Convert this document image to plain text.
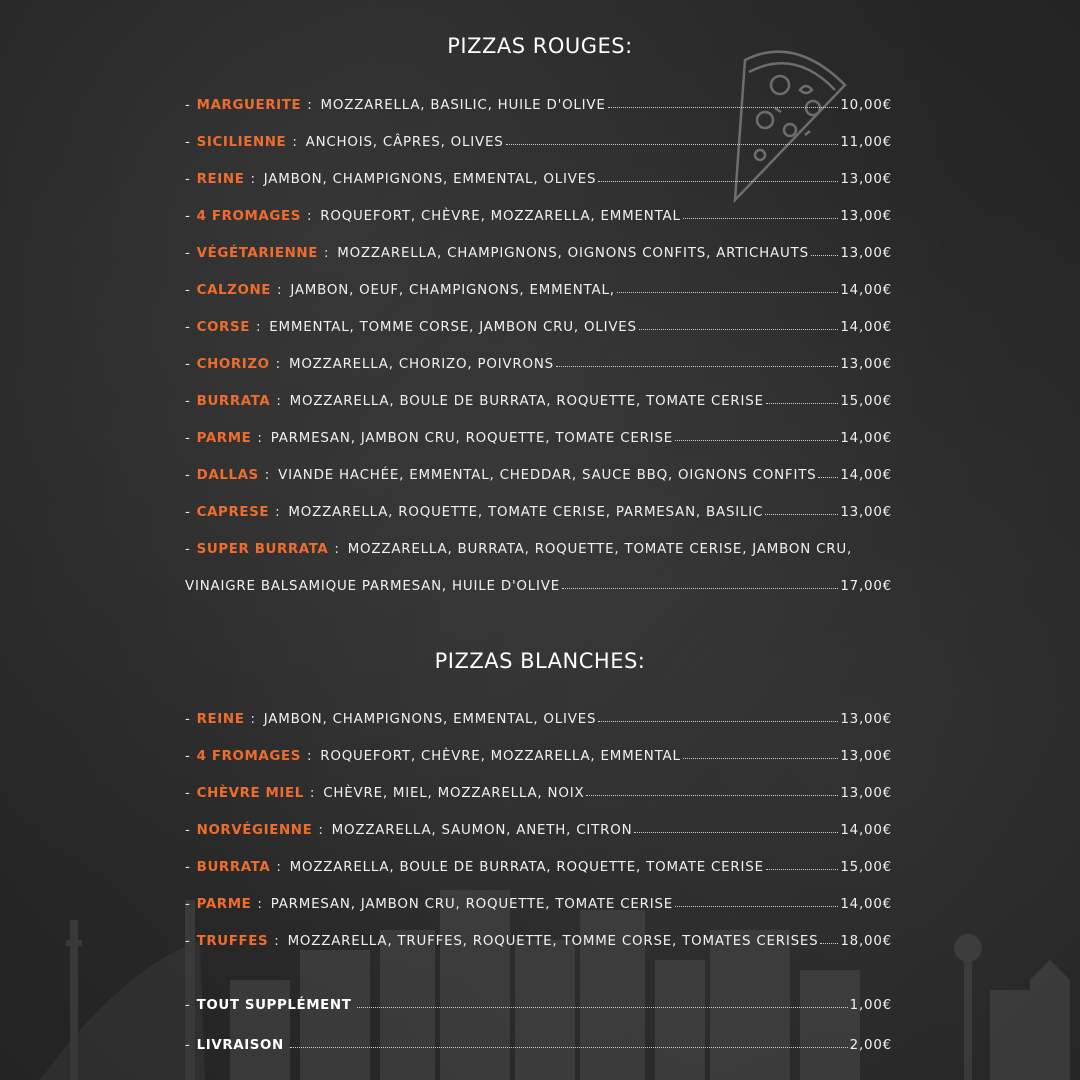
PIZZAS ROUGES:
- MARGUERITE : MOZZARELLA, BASILIC, HUILE D'OLIVE	10,00€
- SICILIENNE : ANCHOIS, CÂPRES, OLIVES	11,00€
- REINE : JAMBON, CHAMPIGNONS, EMMENTAL, OLIVES	13,00€
- 4 FROMAGES : ROQUEFORT, CHÈVRE, MOZZARELLA, EMMENTAL	13,00€
- VÉGÉTARIENNE : MOZZARELLA, CHAMPIGNONS, OIGNONS CONFITS, ARTICHAUTS 13,00€
- CALZONE : JAMBON, OEUF, CHAMPIGNONS, EMMENTAL,	14,00€
- CORSE : EMMENTAL, TOMME CORSE, JAMBON CRU, OLIVES	14,00€
- CHORIZO : MOZZARELLA, CHORIZO, POIVRONS	13,00€
- BURRATA : MOZZARELLA, BOULE DE BURRATA, ROQUETTE, TOMATE CERISE	15,00€
- PARME : PARMESAN, JAMBON CRU, ROQUETTE, TOMATE CERISE	14,00€
- DALLAS : VIANDE HACHÉE, EMMENTAL, CHEDDAR, SAUCE BBQ, OIGNONS CONFITS 14,00€
- CAPRESE : MOZZARELLA, ROQUETTE, TOMATE CERISE, PARMESAN, BASILIC	13,00€
- SUPER BURRATA : MOZZARELLA, BURRATA, ROQUETTE, TOMATE CERISE, JAMBON CRU,
VINAIGRE BALSAMIQUE PARMESAN, HUILE D'OLIVE	17,00€
PIZZAS BLANCHES:
- REINE : JAMBON, CHAMPIGNONS, EMMENTAL, OLIVES	13,00€
- 4 FROMAGES : ROQUEFORT, CHÈVRE, MOZZARELLA, EMMENTAL	13,00€
- CHÈVRE MIEL : CHÈVRE, MIEL, MOZZARELLA, NOIX	13,00€
- NORVÉGIENNE : MOZZARELLA, SAUMON, ANETH, CITRON	14,00€
- BURRATA : MOZZARELLA, BOULE DE BURRATA, ROQUETTE, TOMATE CERISE	15,00€
- PARME : PARMESAN, JAMBON CRU, ROQUETTE, TOMATE CERISE	14,00€
- TRUFFES : MOZZARELLA, TRUFFES, ROQUETTE, TOMME CORSE, TOMATES CERISES 18,00€
- TOUT SUPPLÉMENT	1,00€
- LIVRAISON	2,00€
